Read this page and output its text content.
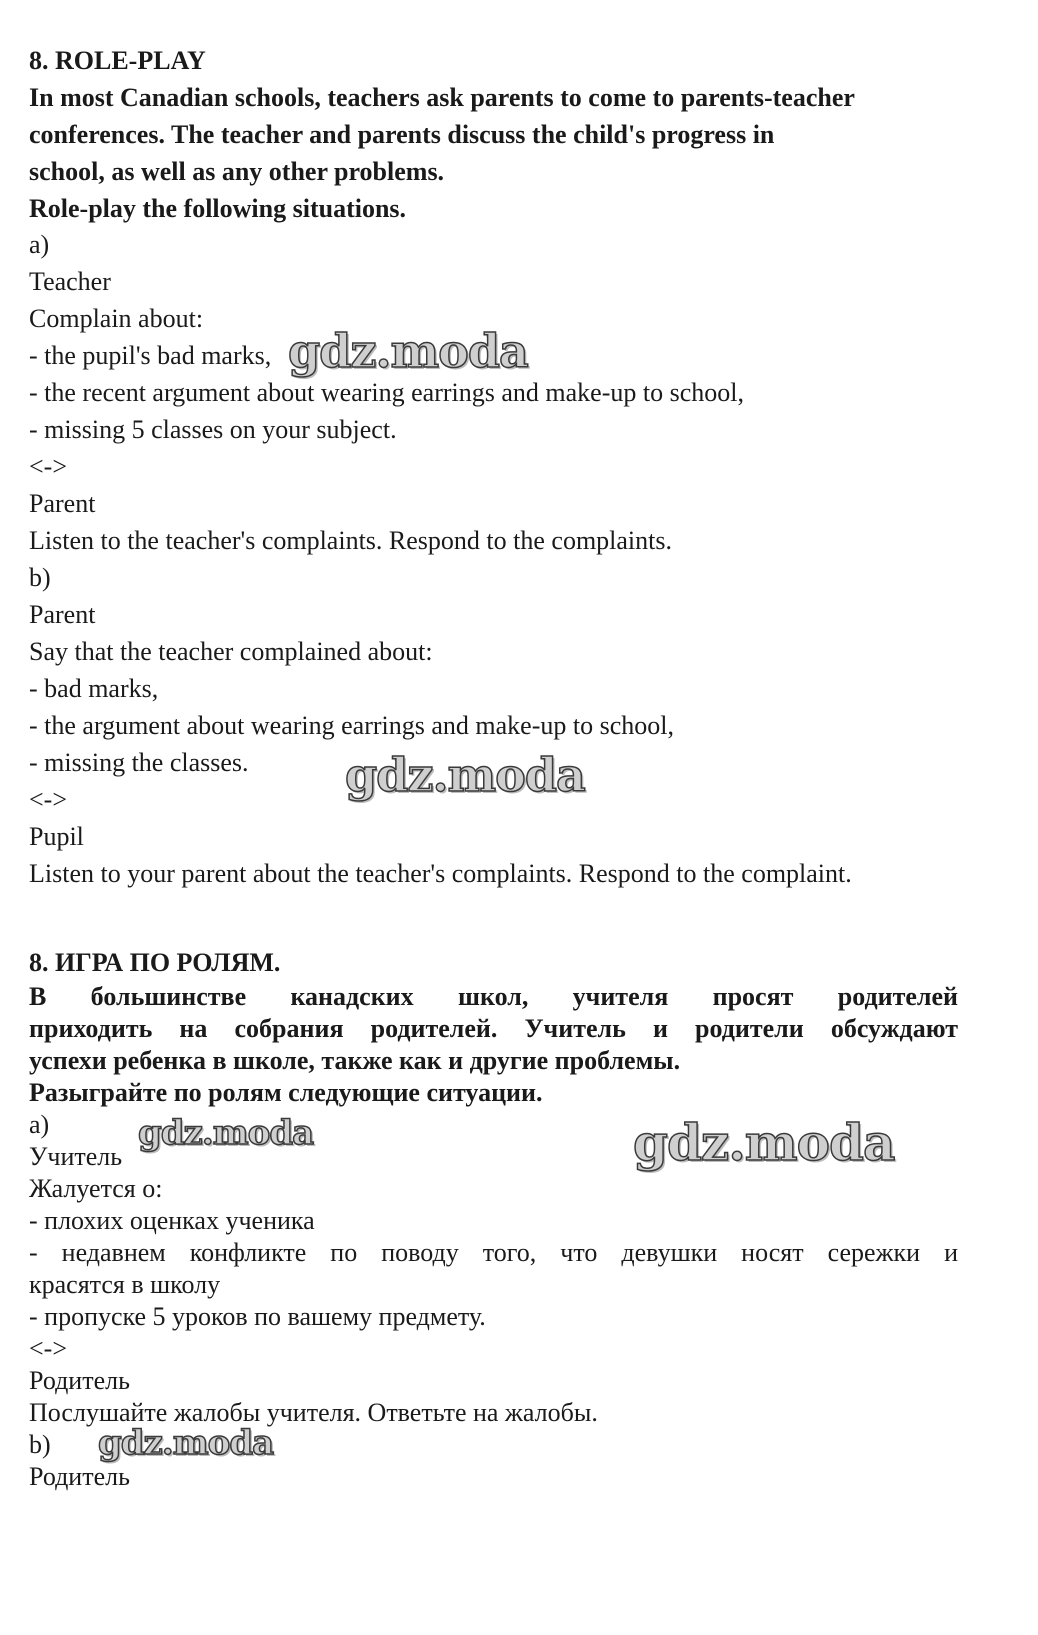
8. ROLE-PLAY
In most Canadian schools, teachers ask parents to come to parents-teacher
conferences. The teacher and parents discuss the child's progress in
school, as well as any other problems.
Role-play the following situations.
a)
Teacher
Complain about:
- the pupil's bad marks,
- the recent argument about wearing earrings and make-up to school,
- missing 5 classes on your subject.
<->
Parent
Listen to the teacher's complaints. Respond to the complaints.
b)
Parent
Say that the teacher complained about:
- bad marks,
- the argument about wearing earrings and make-up to school,
- missing the classes.
<->
Pupil
Listen to your parent about the teacher's complaints. Respond to the complaint.
8. ИГРА ПО РОЛЯМ.
В большинстве канадских школ, учителя просят родителей
приходить на собрания родителей. Учитель и родители обсуждают
успехи ребенка в школе, также как и другие проблемы.
Разыграйте по ролям следующие ситуации.
а)
Учитель
Жалуется о:
- плохих оценках ученика
- недавнем конфликте по поводу того, что девушки носят сережки и
красятся в школу
- пропуске 5 уроков по вашему предмету.
<->
Родитель
Послушайте жалобы учителя. Ответьте на жалобы.
b)
Родитель
gdz.moda
gdz.moda
gdz.moda	gdz.moda
gdz.moda
